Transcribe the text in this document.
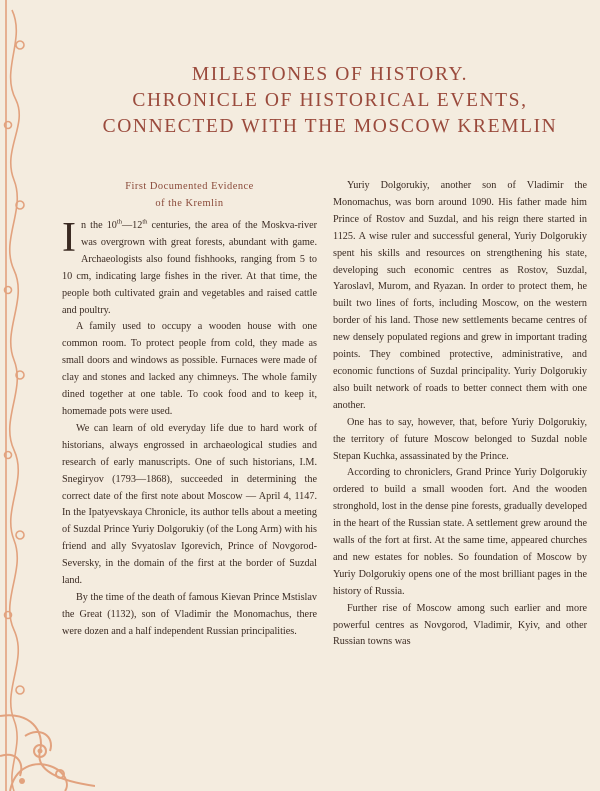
MILESTONES OF HISTORY.
CHRONICLE OF HISTORICAL EVENTS,
CONNECTED WITH THE MOSCOW KREMLIN
First Documented Evidence
of the Kremlin

In the 10th—12th centuries, the area of the Moskva-river was overgrown with great forests, abundant with game. Archaeologists also found fishhooks, ranging from 5 to 10 cm, indicating large fishes in the river. At that time, the people both cultivated grain and vegetables and raised cattle and poultry.

A family used to occupy a wooden house with one common room. To protect people from cold, they made as small doors and windows as possible. Furnaces were made of clay and stones and lacked any chimneys. The whole family dined together at one table. To cook food and to keep it, homemade pots were used.

We can learn of old everyday life due to hard work of historians, always engrossed in archaeological studies and research of early manuscripts. One of such historians, I.M. Snegiryov (1793—1868), succeeded in determining the correct date of the first note about Moscow — April 4, 1147. In the Ipatyevskaya Chronicle, its author tells about a meeting of Suzdal Prince Yuriy Dolgorukiy (of the Long Arm) with his friend and ally Svyatoslav Igorevich, Prince of Novgorod-Seversky, in the domain of the first at the border of Suzdal land.

By the time of the death of famous Kievan Prince Mstislav the Great (1132), son of Vladimir the Monomachus, there were dozen and a half independent Russian principalities.

Yuriy Dolgorukiy, another son of Vladimir the Monomachus, was born around 1090. His father made him Prince of Rostov and Suzdal, and his reign there started in 1125. A wise ruler and successful general, Yuriy Dolgorukiy spent his skills and resources on strengthening his state, developing such economic centres as Rostov, Suzdal, Yaroslavl, Murom, and Ryazan. In order to protect them, he built two lines of forts, including Moscow, on the western border of his land. Those new settlements became centres of new densely populated regions and grew in important trading points. They combined protective, administrative, and economic functions of Suzdal principality. Yuriy Dolgorukiy also built network of roads to better connect them with one another.

One has to say, however, that, before Yuriy Dolgorukiy, the territory of future Moscow belonged to Suzdal noble Stepan Kuchka, assassinated by the Prince.

According to chroniclers, Grand Prince Yuriy Dolgorukiy ordered to build a small wooden fort. And the wooden stronghold, lost in the dense pine forests, gradually developed in the heart of the Russian state. A settlement grew around the walls of the fort at first. At the same time, appeared churches and new estates for nobles. So foundation of Moscow by Yuriy Dolgorukiy opens one of the most brilliant pages in the history of Russia.

Further rise of Moscow among such earlier and more powerful centres as Novgorod, Vladimir, Kyiv, and other Russian towns was
